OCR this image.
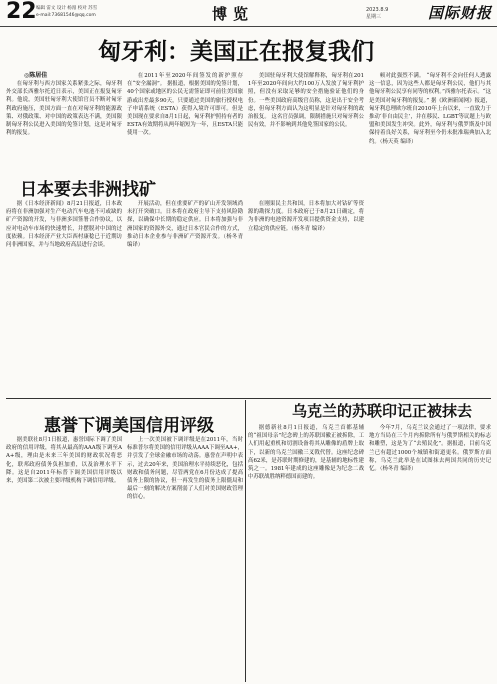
22 编辑 雷文 设计 杨漫 校对 苏雪
e-mail:73681546@qq.com	博览	2023.8.9
星期三	国际财报
匈牙利：美国正在报复我们
◎陈居佳

在匈牙利与西方国家关系紧张之际，匈牙利外交部长西雅尔托近日表示，美国正在报复匈牙利。他说，美国驻匈牙利大使馆官员不断对匈牙利政府施压，美国方面一直在对匈牙利的能源政策、对俄政策、对中国的政策表达不满，美国限制匈牙利公民进入美国的免签计划，这是对匈牙利的报复。

在2011年至2020年间签发的新护照存在“安全漏洞”。 据报道，根据美国的免签计划，40个国家或地区的公民无需签证即可前往美国旅游或出差最多90天，只要通过美国的旅行授权电子申请系统（ESTA）获得入境许可即可。但是美国现在要求自8月1日起，匈牙利护照持有者的ESTA有效期将从两年缩短为一年，且ESTA只能使用一次。

美国驻匈牙利大使馆解释称，匈牙利在2011年至2020年间向大约100万人发放了匈牙利护照，但没有采取足够的安全措施验证他们的身份。一些美国政府高级官员称，这是出于安全考虑，但匈牙利方面认为这明显是针对匈牙利的政治报复。 这名官员强调，限制措施只对匈牙利公民有效，并不影响到其他免签国家的公民。

顿对此强烈不满。 “匈牙利不会向任何人透露这一信息，因为这些人都是匈牙利公民，他们与其他匈牙利公民享有同等的权利。”西雅尔托表示。“这是美国对匈牙利的报复。” 据《欧洲新闻网》报道，匈牙利总理欧尔班自2010年上台以来，一直致力于推动‘非自由民主’，并在移民、LGBT等议题上与欧盟和美国发生冲突。此外，匈牙利与俄罗斯及中国保持着良好关系，匈牙利至今仍未批准瑞典加入北约。（杨天英 编译）

日本要去非洲找矿

据《日本经济新闻》8月21日报道，日本政府将在非洲加强对生产电动汽车电池不可或缺的矿产资源的开发，与非洲多国签署合作协议，以应对电动车市场的快速增长，并摆脱对中国的过度依赖。日本经济产业大臣西村康稔已于近期访问非洲国家，并与当地政府高层进行会谈。

开展活动，但在重要矿产的矿山开发领域尚未打开突破口。日本将在政府主导下支持风险勘探，以确保中长期的稳定供应。日本将加强与非洲国家的资源外交，通过日本官民合作的方式，推动日本企业参与非洲矿产资源开发。（杨冬青 编译）

在刚果民主共和国，日本将加大对钴矿等资源的勘探力度。日本政府已于8月21日确定，将为非洲的电池资源开发项目提供资金支持，以建立稳定的供应链。（杨冬青 编译）

惠誉下调美国信用评级

据美联社8月1日报道，惠誉国际下调了美国政府的信用评级，将其从最高的AAA级下调至AA+级，理由是未来三年美国的财政状况将恶化，联邦政府债务负担加重，以及治理水平下降。这是自2011年标普下调美国信用评级以来，美国第二次被主要评级机构下调信用评级。

上一次美国被下调评级是在2011年，当时标准普尔将美国的信用评级从AAA下调至AA+，并引发了全球金融市场的动荡。惠誉在声明中表示，过去20年来，美国治理水平持续恶化，包括财政和债务问题，尽管两党在6月份达成了提高债务上限的协议，但一再发生的债务上限僵局和最后一刻的解决方案削弱了人们对美国财政管理的信心。

乌克兰的苏联印记正被抹去

据德新社8月1日报道，乌克兰首都基辅的“祖国母亲”纪念碑上的苏联国徽正被拆除，工人们用起重机和切割设备将其从雕像的盾牌上取下，以新的乌克兰国徽三叉戟代替。这座纪念碑高62米，是苏联时期修建的，是基辅的地标性建筑之一。1981年建成的这座雕像是为纪念二战中苏联战胜纳粹德国而建的。

今年7月，乌克兰议会通过了一项法律，要求地方当局在三个月内拆除所有与俄罗斯相关的标志和雕塑，这是为了“去殖民化”。据报道，目前乌克兰已有超过1000个城镇和街道更名。俄罗斯方面称，乌克兰此举是在试图抹去两国共同的历史记忆。（杨冬青 编译）
